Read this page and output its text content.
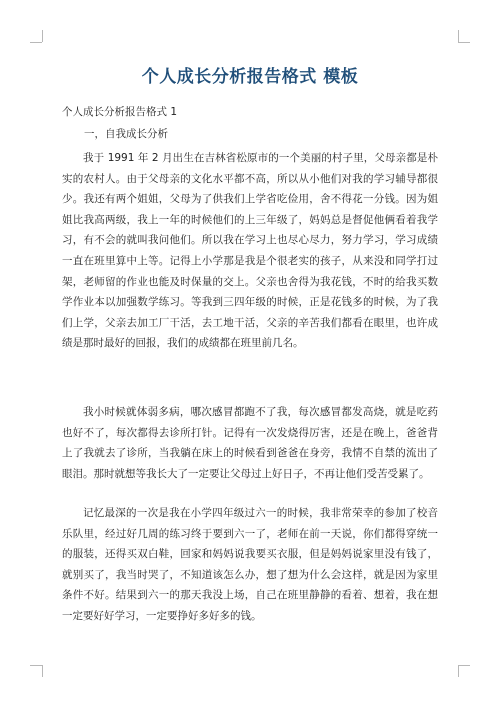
个人成长分析报告格式 模板
个人成长分析报告格式 1
一，自我成长分析
我于 1991 年 2 月出生在吉林省松原市的一个美丽的村子里，父母亲都是朴实的农村人。由于父母亲的文化水平都不高，所以从小他们对我的学习辅导都很少。我还有两个姐姐，父母为了供我们上学省吃俭用，舍不得花一分钱。因为姐姐比我高两级，我上一年的时候他们的上三年级了，妈妈总是督促他俩看着我学习，有不会的就叫我问他们。所以我在学习上也尽心尽力，努力学习，学习成绩一直在班里算中上等。记得上小学那是我是个很老实的孩子，从来没和同学打过架，老师留的作业也能及时保量的交上。父亲也舍得为我花钱，不时的给我买数学作业本以加强数学练习。等我到三四年级的时候，正是花钱多的时候，为了我们上学，父亲去加工厂干活，去工地干活，父亲的辛苦我们都看在眼里，也许成绩是那时最好的回报，我们的成绩都在班里前几名。
我小时候就体弱多病，哪次感冒都跑不了我，每次感冒都发高烧，就是吃药也好不了，每次都得去诊所打针。记得有一次发烧得厉害，还是在晚上，爸爸背上了我就去了诊所，当我躺在床上的时候看到爸爸在身旁，我情不自禁的流出了眼泪。那时就想等我长大了一定要让父母过上好日子，不再让他们受苦受累了。
记忆最深的一次是我在小学四年级过六一的时候，我非常荣幸的参加了校音乐队里，经过好几周的练习终于要到六一了，老师在前一天说，你们都得穿统一的服装，还得买双白鞋，回家和妈妈说我要买衣服，但是妈妈说家里没有钱了，就别买了，我当时哭了，不知道该怎么办，想了想为什么会这样，就是因为家里条件不好。结果到六一的那天我没上场，自己在班里静静的看着、想着，我在想一定要好好学习，一定要挣好多好多的钱。
